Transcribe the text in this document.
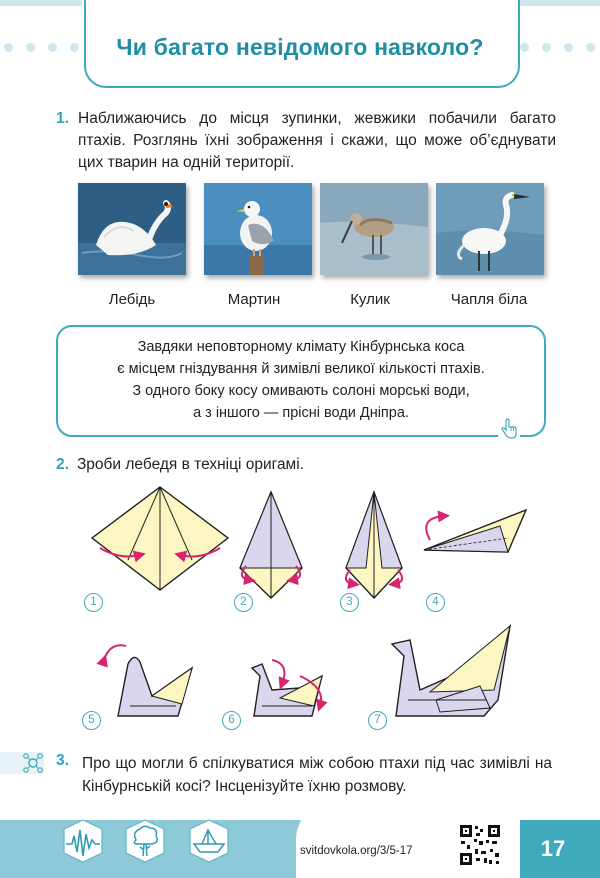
Чи багато невідомого навколо?
1. Наближаючись до місця зупинки, жевжики побачили багато птахів. Розглянь їхні зображення і скажи, що може об’єднувати цих тварин на одній території.
Лебідь	Мартин	Кулик	Чапля біла
Завдяки неповторному клімату Кінбурнська коса
є місцем гніздування й зимівлі великої кількості птахів.
З одного боку косу омивають солоні морські води,
а з іншого — прісні води Дніпра.
2. Зроби лебедя в техніці оригамі.
1	2	3	4
5	6	7
3. Про що могли б спілкуватися між собою птахи під час зимівлі на Кінбурнській косі? Інсценізуйте їхню розмову.
17
svitdovkola.org/3/5-17
